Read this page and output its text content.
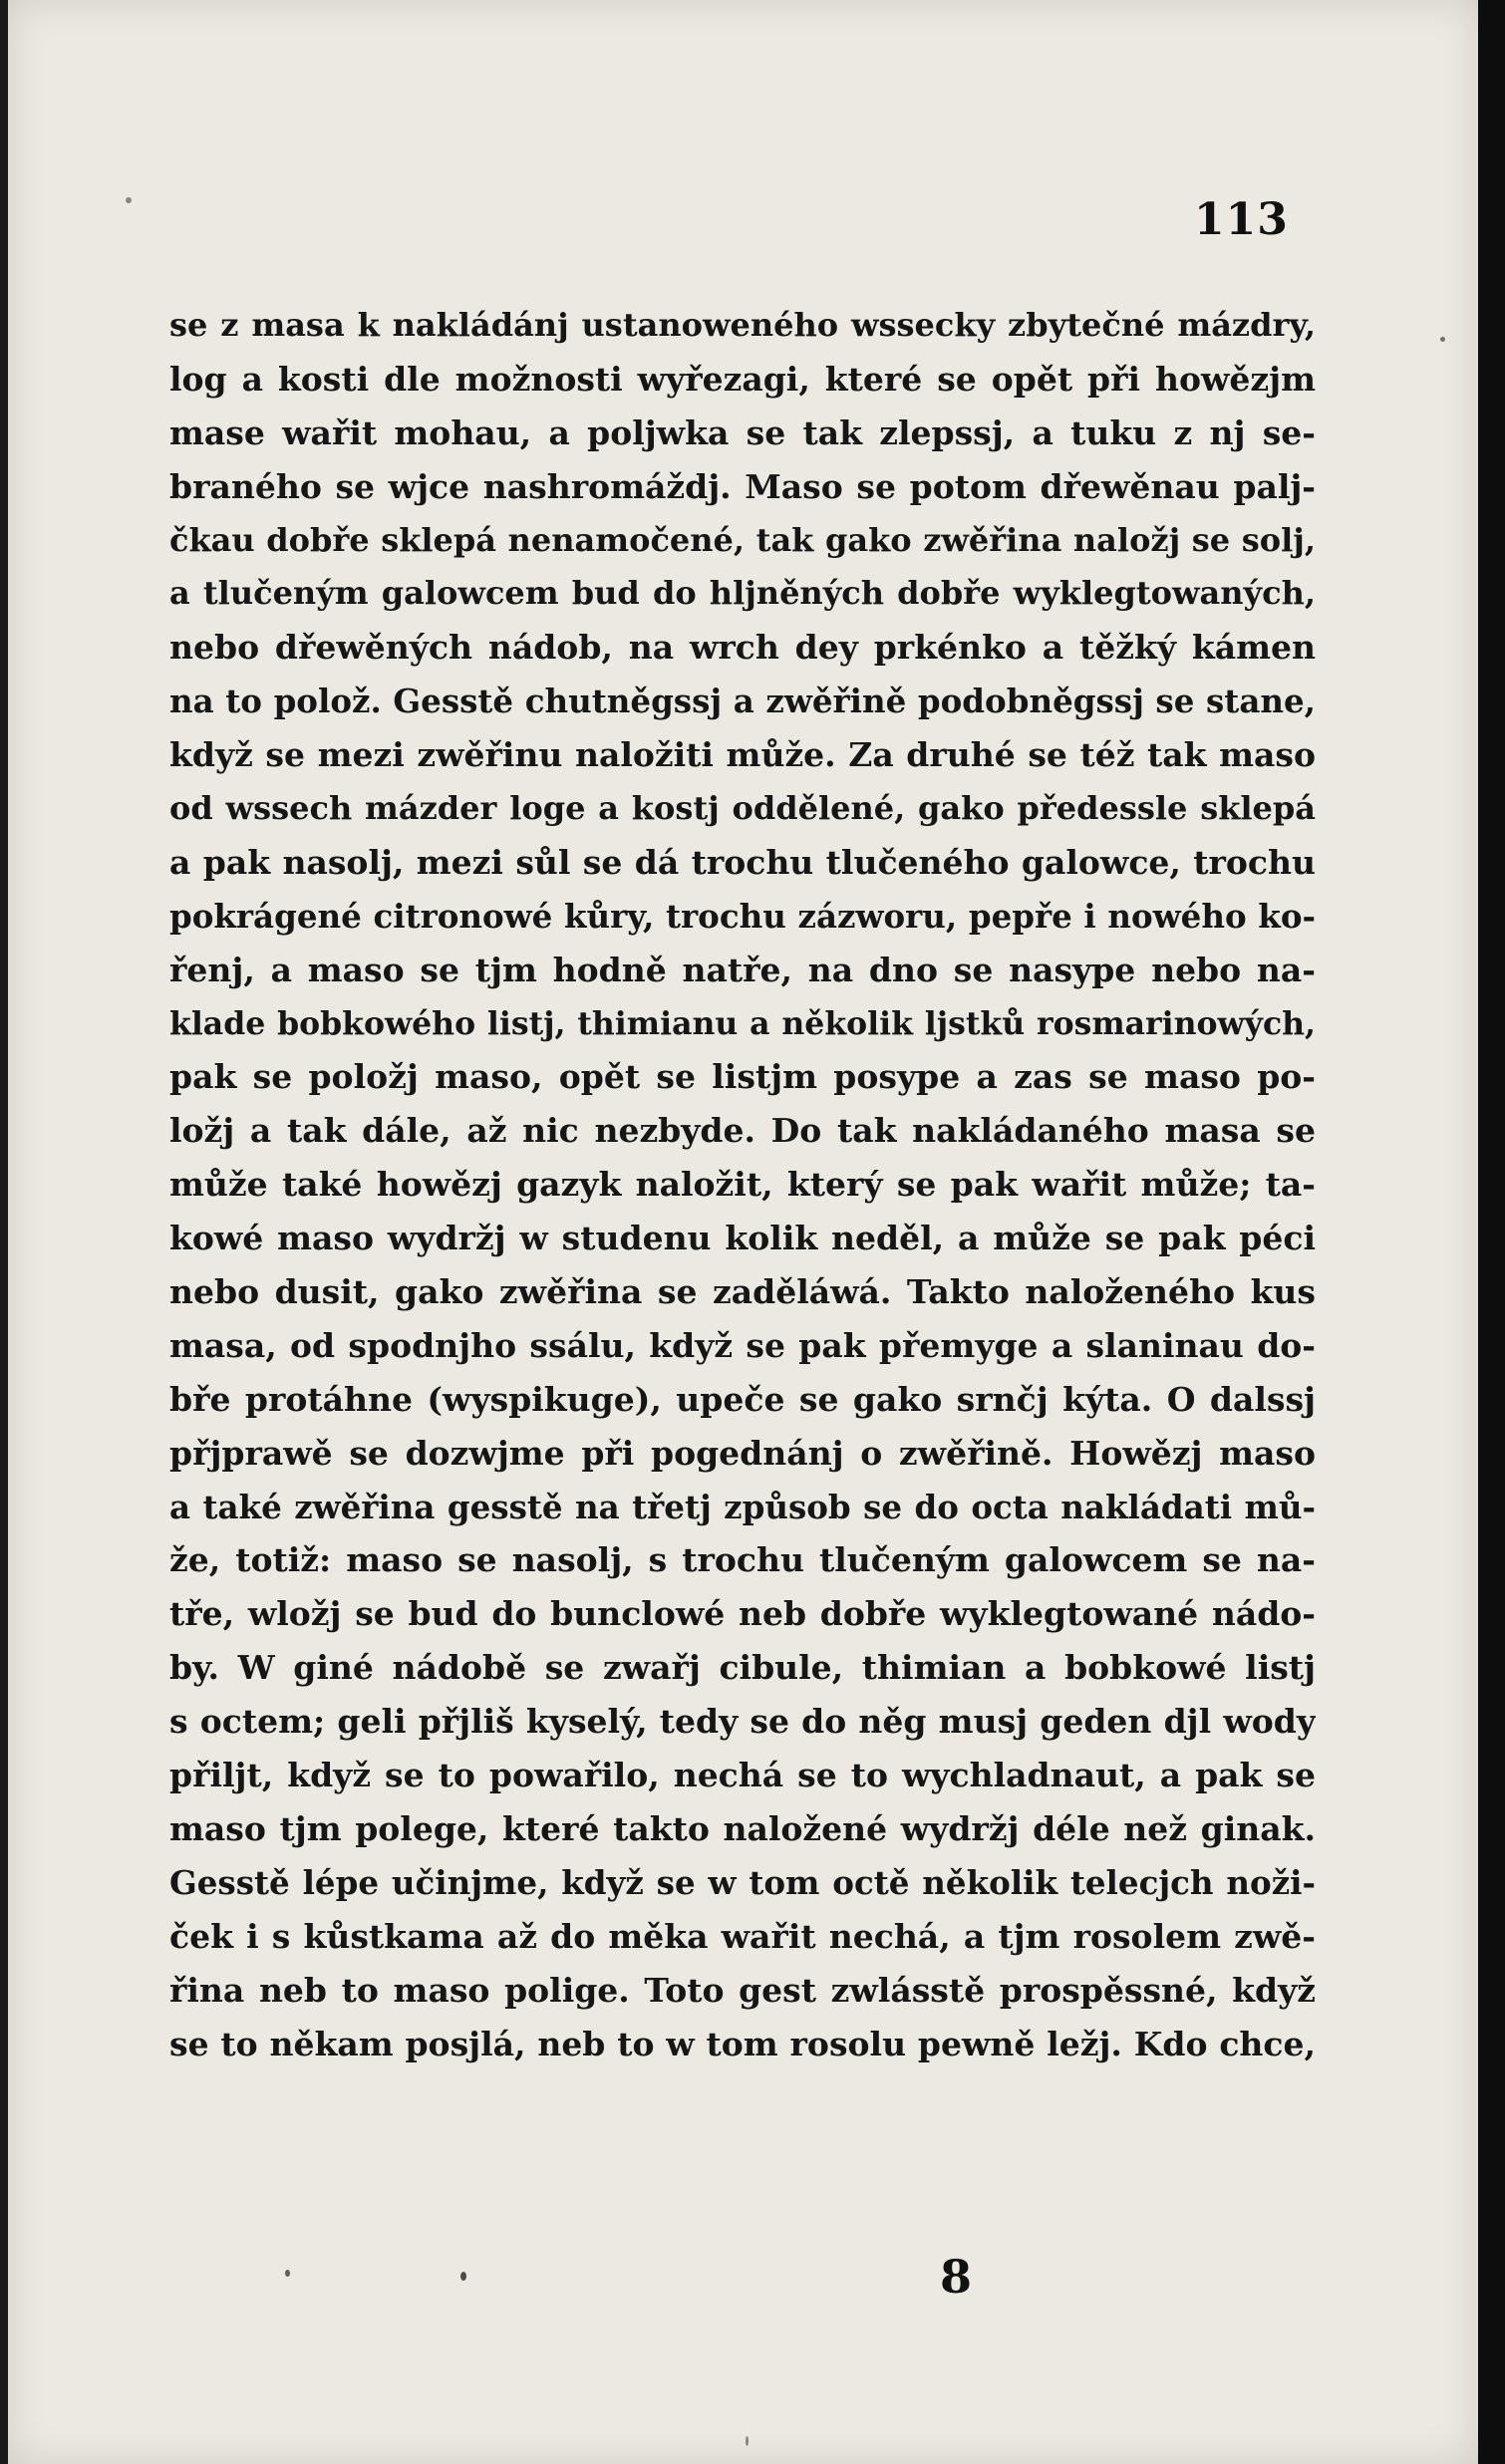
113
se z masa k nakládánj ustanoweného wssecky zbytečné mázdry,
log a kosti dle možnosti wyřezagi, které se opět při howězjm
mase wařit mohau, a poljwka se tak zlepssj, a tuku z nj se-
braného se wjce nashromáždj. Maso se potom dřewěnau palj-
čkau dobře sklepá nenamočené, tak gako zwěřina naložj se solj,
a tlučeným galowcem bud do hljněných dobře wyklegtowaných,
nebo dřewěných nádob, na wrch dey prkénko a těžký kámen
na to polož. Gesstě chutněgssj a zwěřině podobněgssj se stane,
když se mezi zwěřinu naložiti může. Za druhé se též tak maso
od wssech mázder loge a kostj oddělené, gako předessle sklepá
a pak nasolj, mezi sůl se dá trochu tlučeného galowce, trochu
pokrágené citronowé kůry, trochu zázworu, pepře i nowého ko-
řenj, a maso se tjm hodně natře, na dno se nasype nebo na-
klade bobkowého listj, thimianu a několik ljstků rosmarinowých,
pak se položj maso, opět se listjm posype a zas se maso po-
ložj a tak dále, až nic nezbyde. Do tak nakládaného masa se
může také howězj gazyk naložit, který se pak wařit může; ta-
kowé maso wydržj w studenu kolik neděl, a může se pak péci
nebo dusit, gako zwěřina se zaděláwá. Takto naloženého kus
masa, od spodnjho ssálu, když se pak přemyge a slaninau do-
bře protáhne (wyspikuge), upeče se gako srnčj kýta. O dalssj
přjprawě se dozwjme při pogednánj o zwěřině. Howězj maso
a také zwěřina gesstě na třetj způsob se do octa nakládati mů-
že, totiž: maso se nasolj, s trochu tlučeným galowcem se na-
tře, wložj se bud do bunclowé neb dobře wyklegtowané nádo-
by. W giné nádobě se zwařj cibule, thimian a bobkowé listj
s octem; geli přjliš kyselý, tedy se do něg musj geden djl wody
přiljt, když se to powařilo, nechá se to wychladnaut, a pak se
maso tjm polege, které takto naložené wydržj déle než ginak.
Gesstě lépe učinjme, když se w tom octě několik telecjch noži-
ček i s kůstkama až do měka wařit nechá, a tjm rosolem zwě-
řina neb to maso polige. Toto gest zwlásstě prospěssné, když
se to někam posjlá, neb to w tom rosolu pewně ležj. Kdo chce,
8
